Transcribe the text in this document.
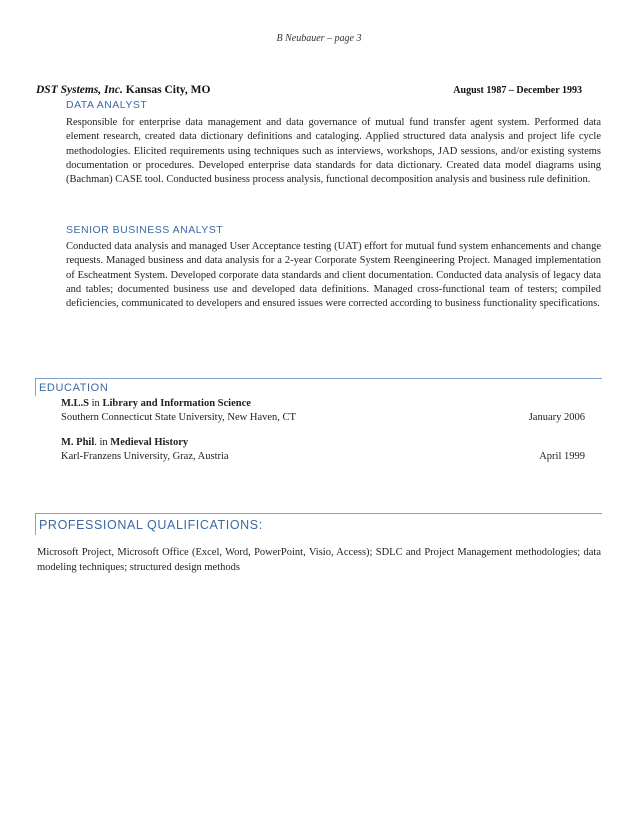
B Neubauer – page 3
DST Systems, Inc. Kansas City, MO	August 1987 – December 1993
DATA ANALYST
Responsible for enterprise data management and data governance of mutual fund transfer agent system. Performed data element research, created data dictionary definitions and cataloging. Applied structured data analysis and project life cycle methodologies. Elicited requirements using techniques such as interviews, workshops, JAD sessions, and/or existing systems documentation or procedures. Developed enterprise data standards for data dictionary. Created data model diagrams using (Bachman) CASE tool. Conducted business process analysis, functional decomposition analysis and business rule definition.
SENIOR BUSINESS ANALYST
Conducted data analysis and managed User Acceptance testing (UAT) effort for mutual fund system enhancements and change requests. Managed business and data analysis for a 2-year Corporate System Reengineering Project. Managed implementation of Escheatment System. Developed corporate data standards and client documentation. Conducted data analysis of legacy data and tables; documented business use and developed data definitions. Managed cross-functional team of testers; compiled deficiencies, communicated to developers and ensured issues were corrected according to business functionality specifications.
EDUCATION
M.L.S in Library and Information Science
Southern Connecticut State University, New Haven, CT	January 2006
M. Phil. in Medieval History
Karl-Franzens University, Graz, Austria	April 1999
PROFESSIONAL QUALIFICATIONS:
Microsoft Project, Microsoft Office (Excel, Word, PowerPoint, Visio, Access); SDLC and Project Management methodologies; data modeling techniques; structured design methods
